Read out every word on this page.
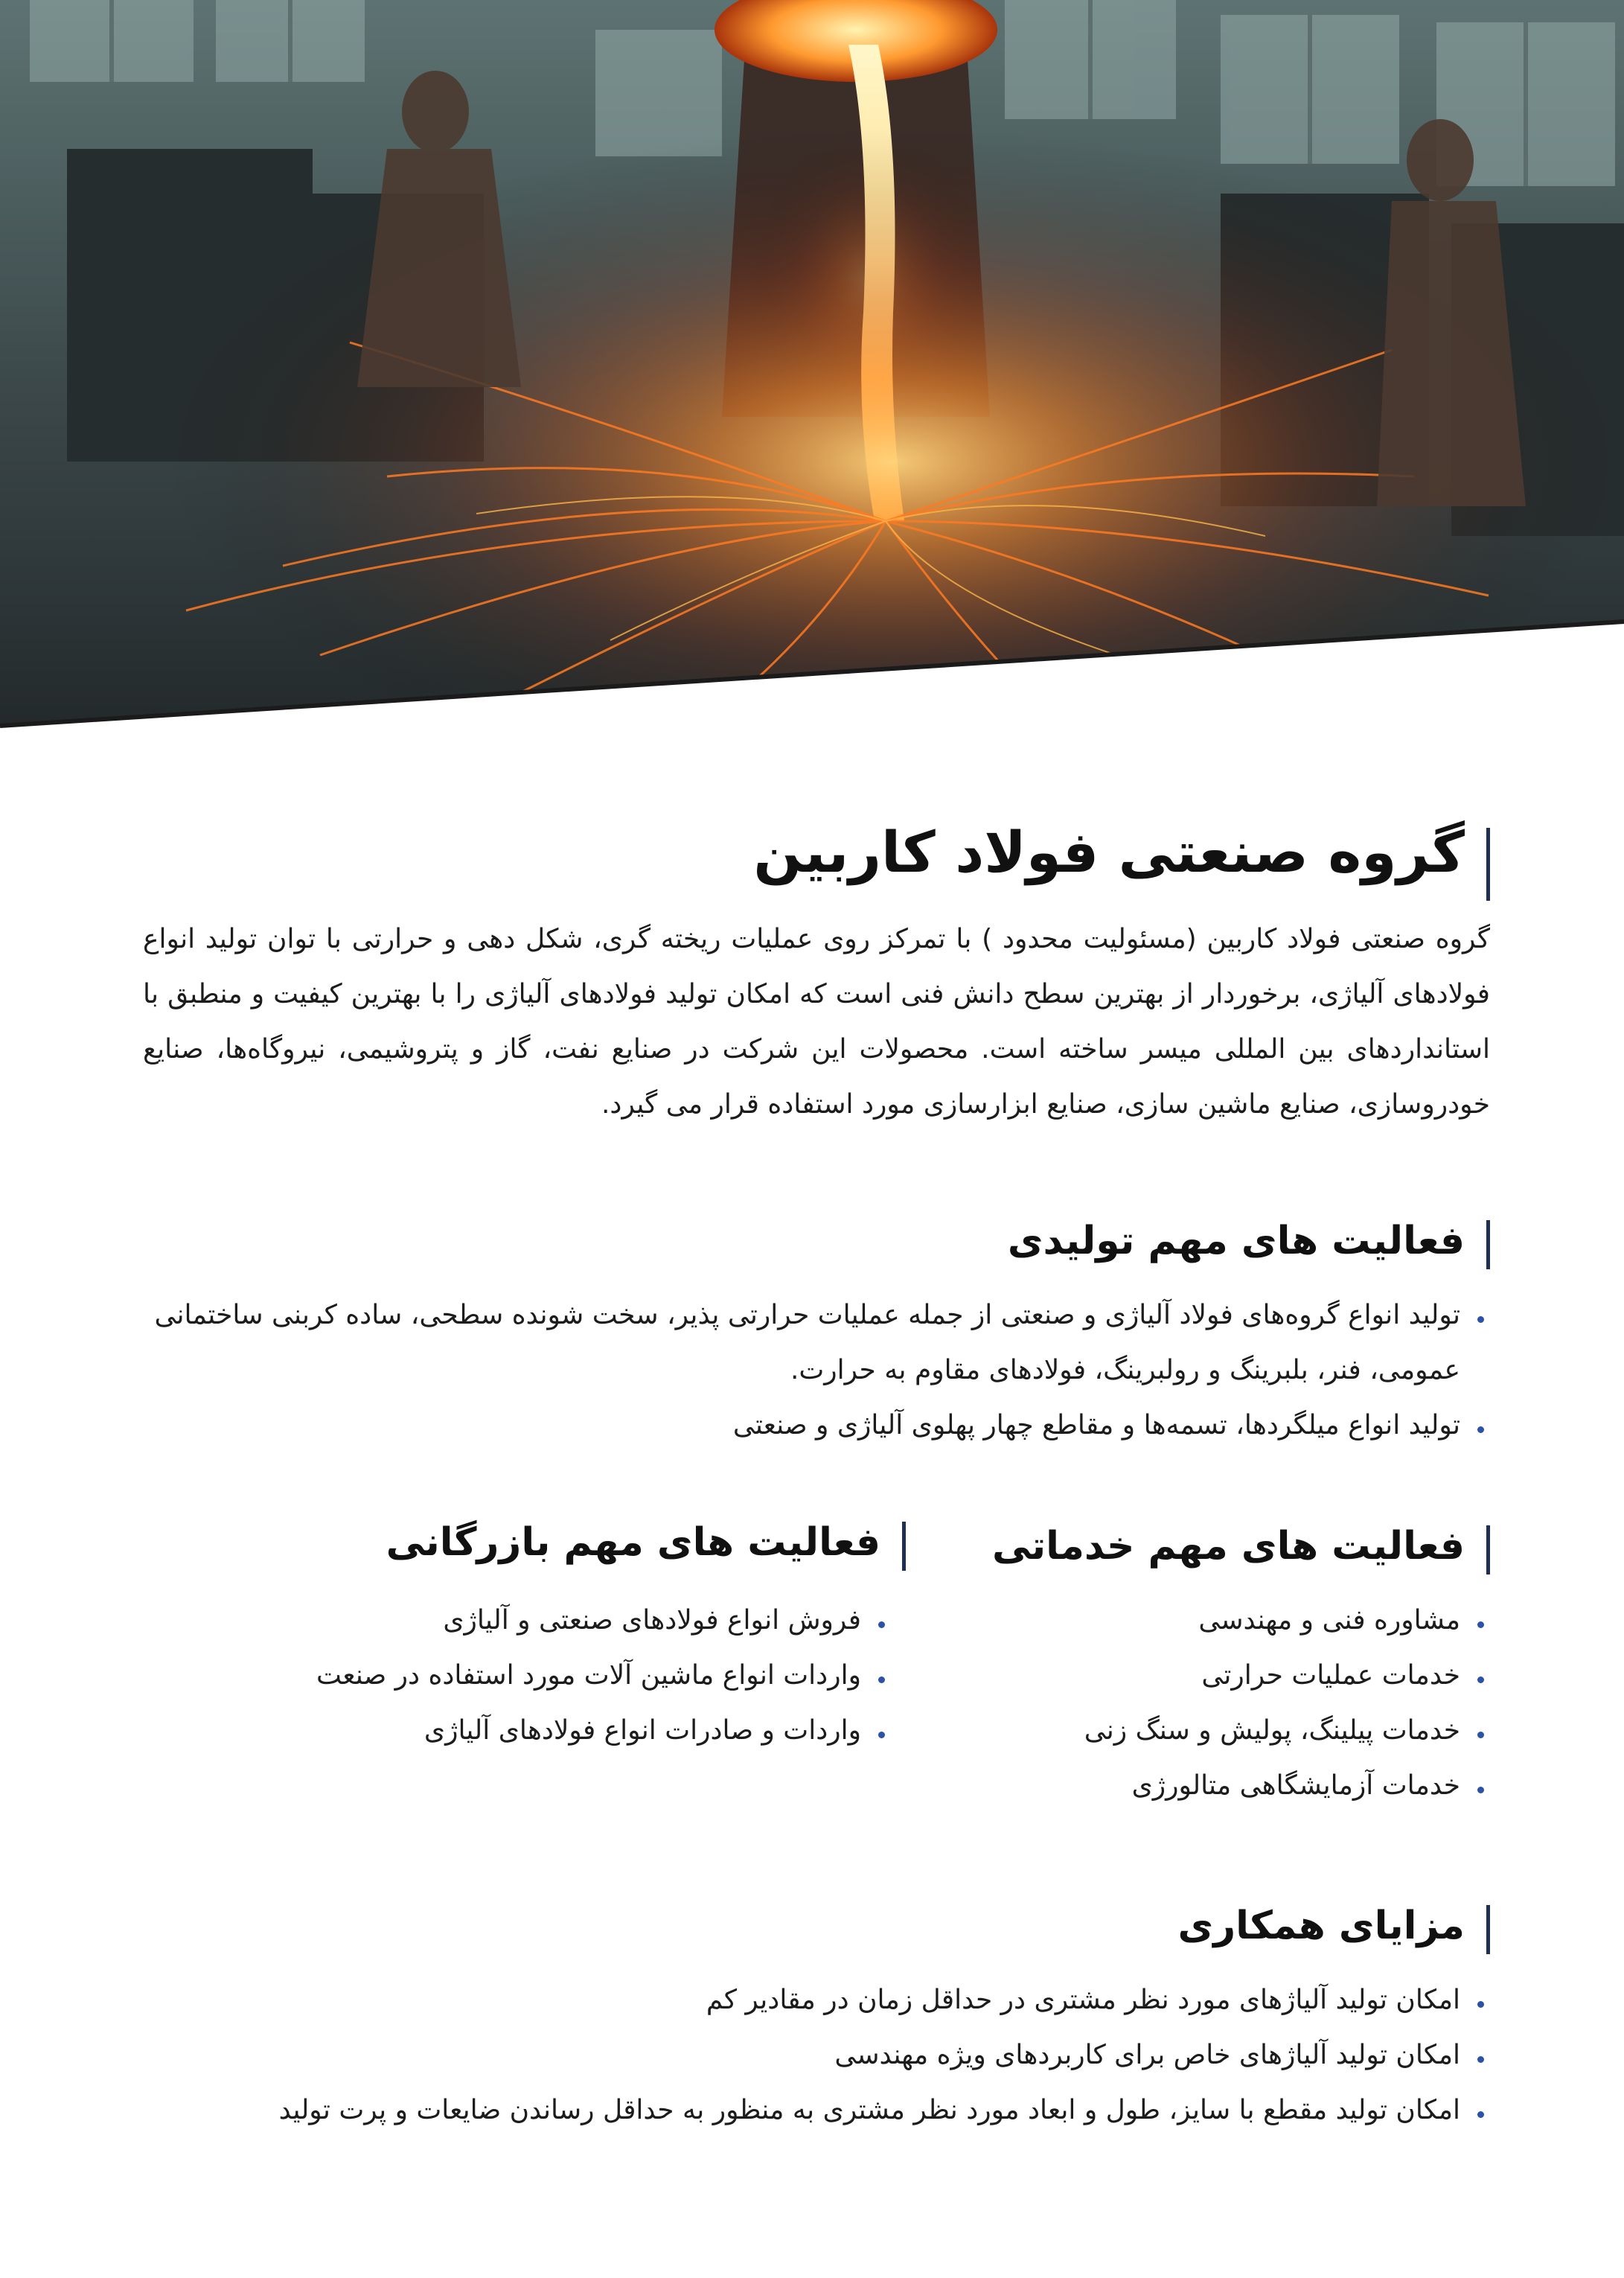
گروه صنعتی فولاد کاربین

گروه صنعتی فولاد کاربین (مسئولیت محدود ) با تمرکز روی عملیات ریخته گری، شکل دهی و حرارتی با توان تولید انواع فولادهای آلیاژی، برخوردار از بهترین سطح دانش فنی است که امکان تولید فولادهای آلیاژی را با بهترین کیفیت و منطبق با استانداردهای بین المللی میسر ساخته است. محصولات این شرکت در صنایع نفت، گاز و پتروشیمی، نیروگاه‌ها، صنایع خودروسازی، صنایع ماشین سازی، صنایع ابزارسازی مورد استفاده قرار می گیرد.

فعالیت های مهم تولیدی
تولید انواع گروه‌های فولاد آلیاژی و صنعتی از جمله عملیات حرارتی پذیر، سخت شونده سطحی، ساده کربنی ساختمانی عمومی، فنر، بلبرینگ و رولبرینگ، فولادهای مقاوم به حرارت.
تولید انواع میلگردها، تسمه‌ها و مقاطع چهار پهلوی آلیاژی و صنعتی
فعالیت های مهم خدماتی
مشاوره فنی و مهندسی
خدمات عملیات حرارتی
خدمات پیلینگ، پولیش و سنگ زنی
خدمات آزمایشگاهی متالورژی
فعالیت های مهم بازرگانی
فروش انواع فولادهای صنعتی و آلیاژی
واردات انواع ماشین آلات مورد استفاده در صنعت
واردات و صادرات انواع فولادهای آلیاژی
مزایای همکاری
امکان تولید آلیاژهای مورد نظر مشتری در حداقل زمان در مقادیر کم
امکان تولید آلیاژهای خاص برای کاربردهای ویژه مهندسی
امکان تولید مقطع با سایز، طول و ابعاد مورد نظر مشتری به منظور به حداقل رساندن ضایعات و پرت تولید
